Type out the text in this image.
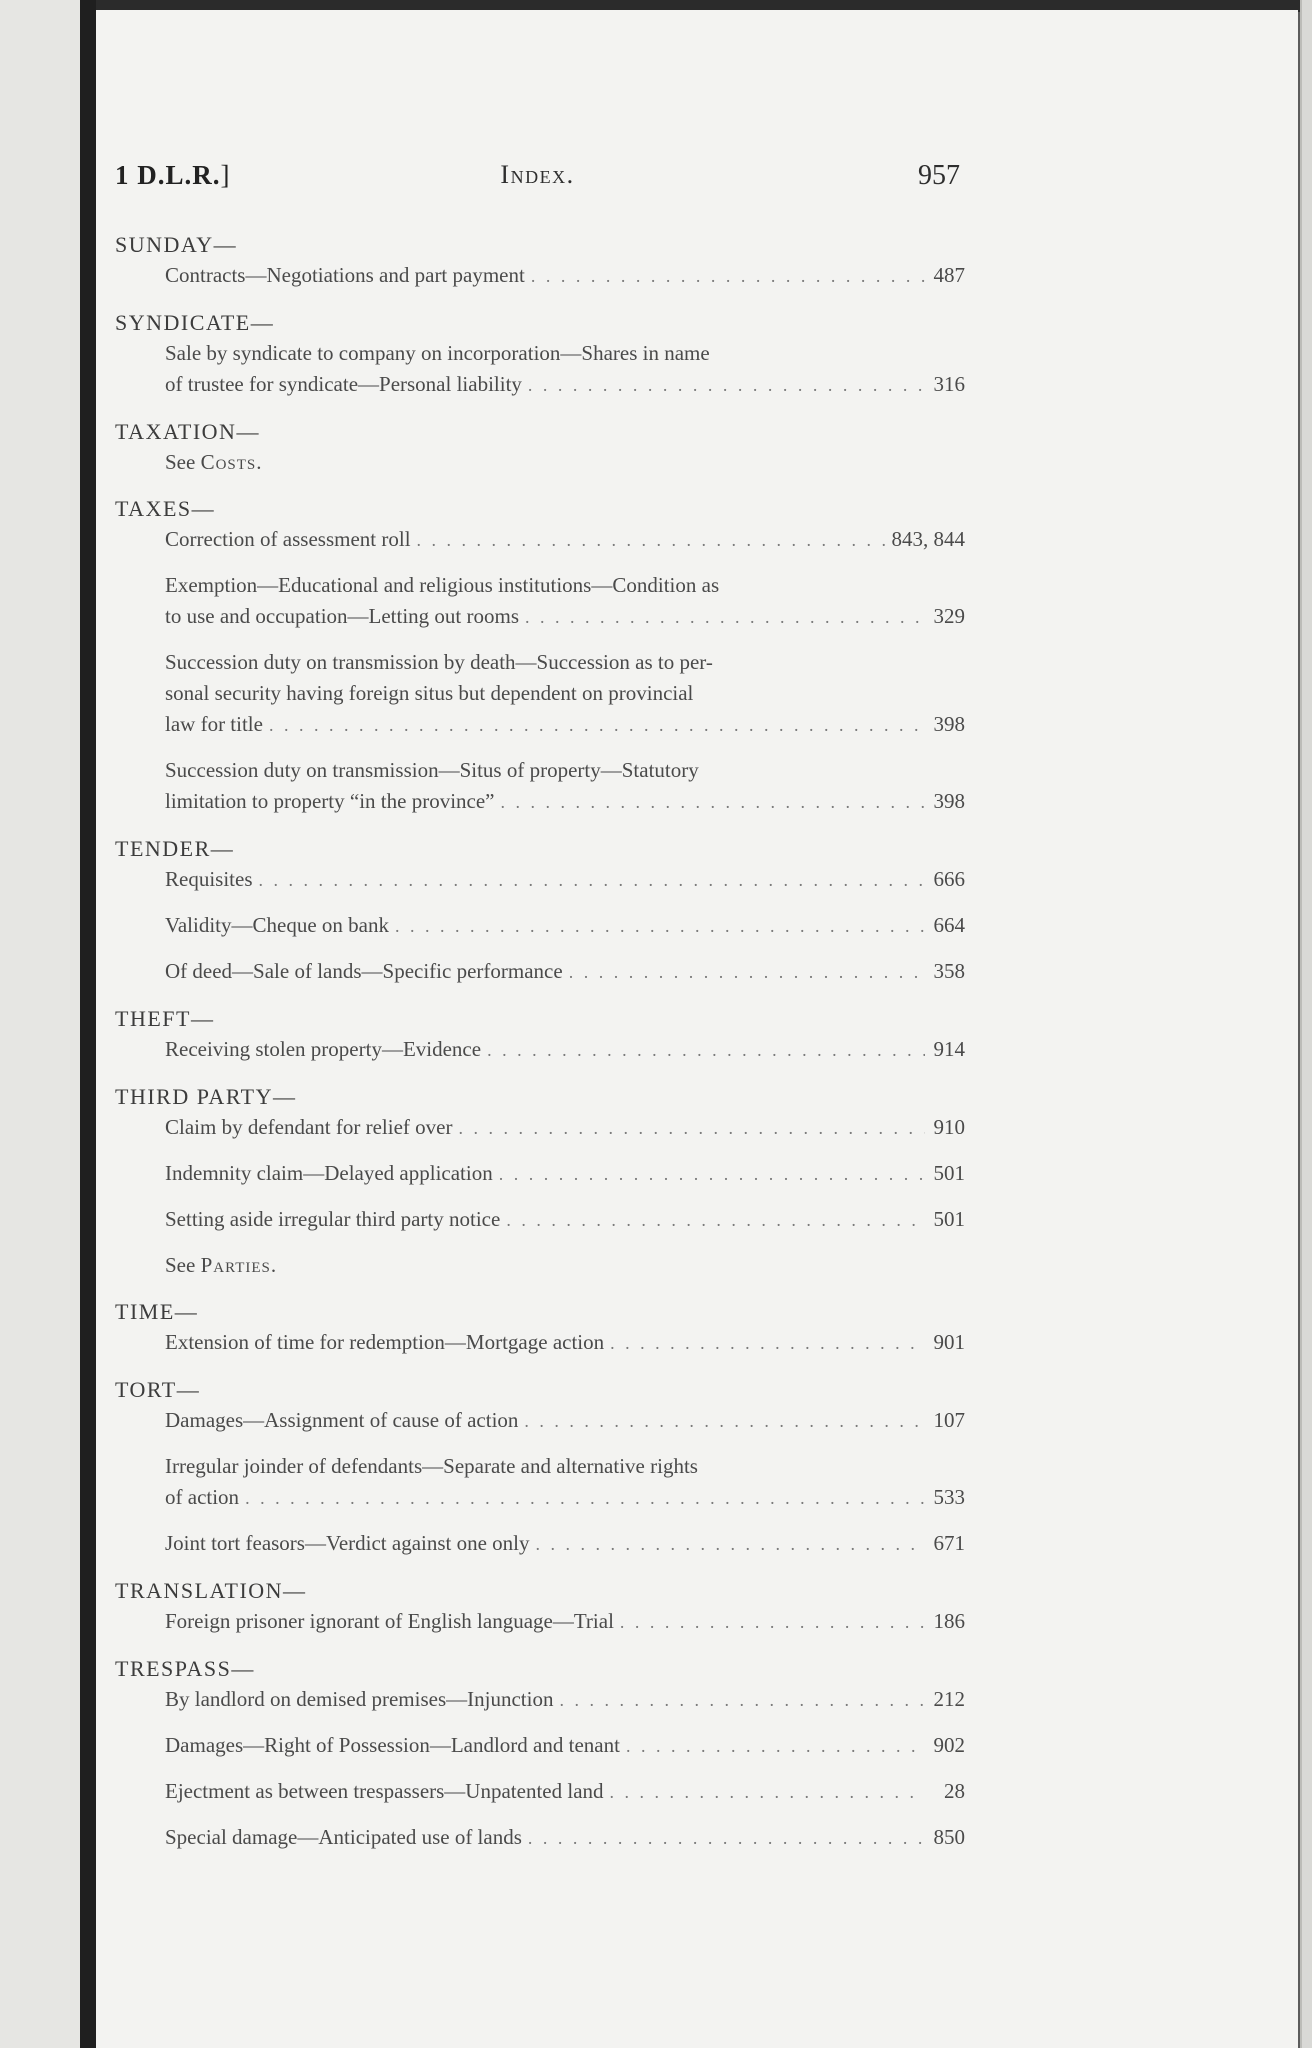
1 D.L.R.]	Index.	957
SUNDAY—
Contracts—Negotiations and part payment . . .	487
SYNDICATE—
Sale by syndicate to company on incorporation—Shares in name
of trustee for syndicate—Personal liability . . .	316
TAXATION—
See Costs.
TAXES—
Correction of assessment roll . . .	843, 844
Exemption—Educational and religious institutions—Condition as
to use and occupation—Letting out rooms . . .	329
Succession duty on transmission by death—Succession as to per-
sonal security having foreign situs but dependent on provincial
law for title . . .	398
Succession duty on transmission—Situs of property—Statutory
limitation to property “in the province” . . .	398
TENDER—
Requisites . . .	666
Validity—Cheque on bank . . .	664
Of deed—Sale of lands—Specific performance . . .	358
THEFT—
Receiving stolen property—Evidence . . .	914
THIRD PARTY—
Claim by defendant for relief over . . .	910
Indemnity claim—Delayed application . . .	501
Setting aside irregular third party notice . . .	501
See Parties.
TIME—
Extension of time for redemption—Mortgage action . . .	901
TORT—
Damages—Assignment of cause of action . . .	107
Irregular joinder of defendants—Separate and alternative rights
of action . . .	533
Joint tort feasors—Verdict against one only . . .	671
TRANSLATION—
Foreign prisoner ignorant of English language—Trial . . .	186
TRESPASS—
By landlord on demised premises—Injunction . . .	212
Damages—Right of Possession—Landlord and tenant . . .	902
Ejectment as between trespassers—Unpatented land . . .	28
Special damage—Anticipated use of lands . . .	850
